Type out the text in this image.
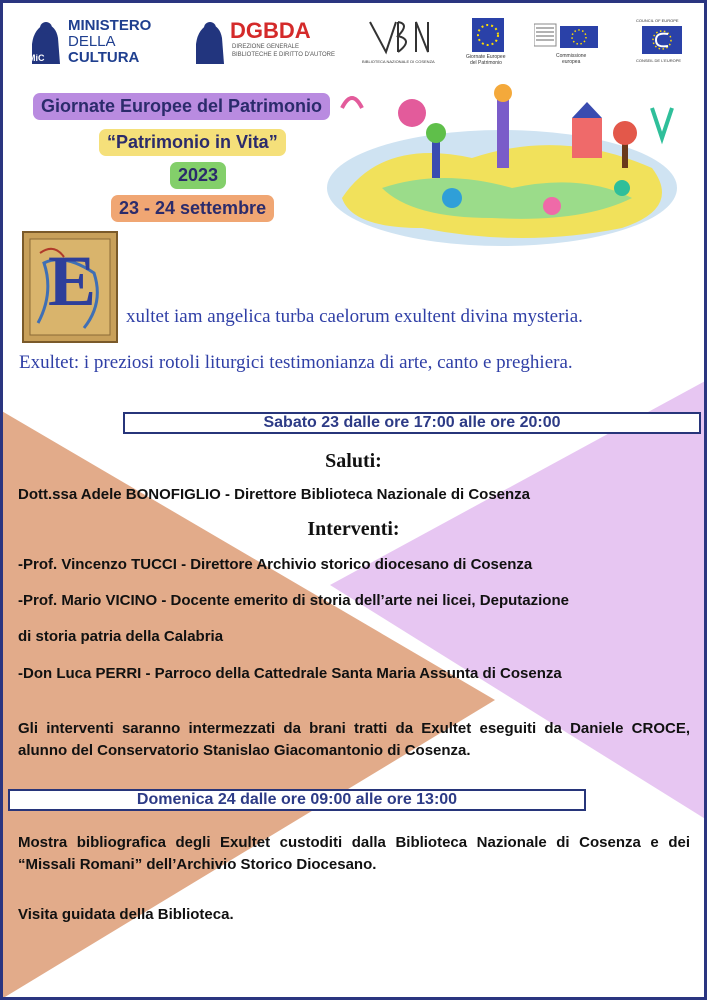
MiC
MINISTERO
DELLA
CULTURA
DGBDA
DIREZIONE GENERALE
BIBLIOTECHE E DIRITTO D'AUTORE
BIBLIOTECA NAZIONALE DI COSENZA
Giornate Europee
del Patrimonio
Commissione
europea
COUNCIL OF EUROPE
CONSEIL DE L'EUROPE
Giornate Europee del Patrimonio
“Patrimonio in Vita”
2023
23 - 24 settembre
E xultet iam angelica turba caelorum exultent divina mysteria.
Exultet: i preziosi rotoli liturgici testimonianza di arte, canto e preghiera.
Sabato 23 dalle ore 17:00 alle ore 20:00
Saluti:
Dott.ssa Adele BONOFIGLIO - Direttore Biblioteca Nazionale di Cosenza
Interventi:
-Prof. Vincenzo TUCCI - Direttore Archivio storico diocesano di Cosenza
-Prof. Mario VICINO - Docente emerito di storia dell’arte nei licei, Deputazione
di storia patria della Calabria
-Don Luca PERRI - Parroco della Cattedrale Santa Maria Assunta di Cosenza
Gli interventi saranno intermezzati da brani tratti da Exultet eseguiti da Daniele CROCE, alunno del Conservatorio Stanislao Giacomantonio di Cosenza.
Domenica 24 dalle ore 09:00 alle ore 13:00
Mostra bibliografica degli Exultet custoditi dalla Biblioteca Nazionale di Cosenza e dei “Missali Romani” dell’Archivio Storico Diocesano.
Visita guidata della Biblioteca.
